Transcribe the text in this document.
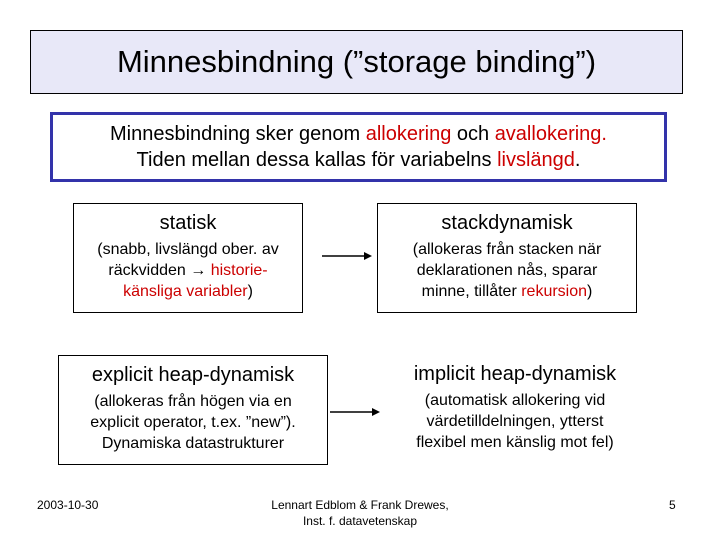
Minnesbindning (”storage binding”)
Minnesbindning sker genom allokering och avallokering.
Tiden mellan dessa kallas för variabelns livslängd.
statisk
(snabb, livslängd ober. av
räckvidden → historie-
känsliga variabler)
stackdynamisk
(allokeras från stacken när
deklarationen nås, sparar
minne, tillåter rekursion)
explicit heap-dynamisk
(allokeras från högen via en
explicit operator, t.ex. ”new”).
Dynamiska datastrukturer
implicit heap-dynamisk
(automatisk allokering vid
värdetilldelningen, ytterst
flexibel men känslig mot fel)
2003-10-30	Lennart Edblom & Frank Drewes,
Inst. f. datavetenskap
5
